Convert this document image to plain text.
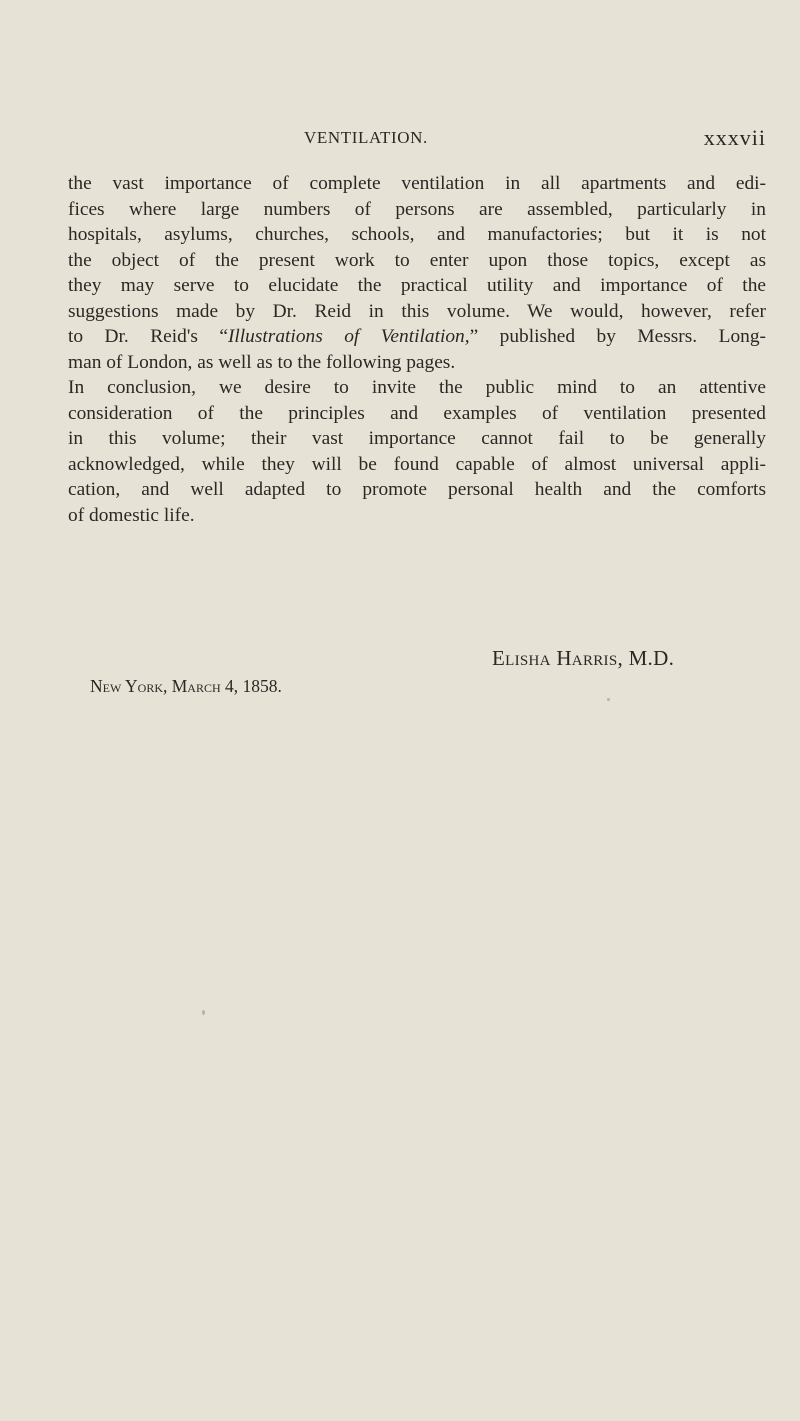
VENTILATION.	xxxvii

the vast importance of complete ventilation in all apartments and edi-
fices where large numbers of persons are assembled, particularly in
hospitals, asylums, churches, schools, and manufactories; but it is not
the object of the present work to enter upon those topics, except as
they may serve to elucidate the practical utility and importance of the
suggestions made by Dr. Reid in this volume. We would, however, refer
to Dr. Reid's “Illustrations of Ventilation,” published by Messrs. Long-
man of London, as well as to the following pages.

In conclusion, we desire to invite the public mind to an attentive
consideration of the principles and examples of ventilation presented
in this volume; their vast importance cannot fail to be generally
acknowledged, while they will be found capable of almost universal appli-
cation, and well adapted to promote personal health and the comforts
of domestic life.

Elisha Harris, M.D.
New York, March 4, 1858.
